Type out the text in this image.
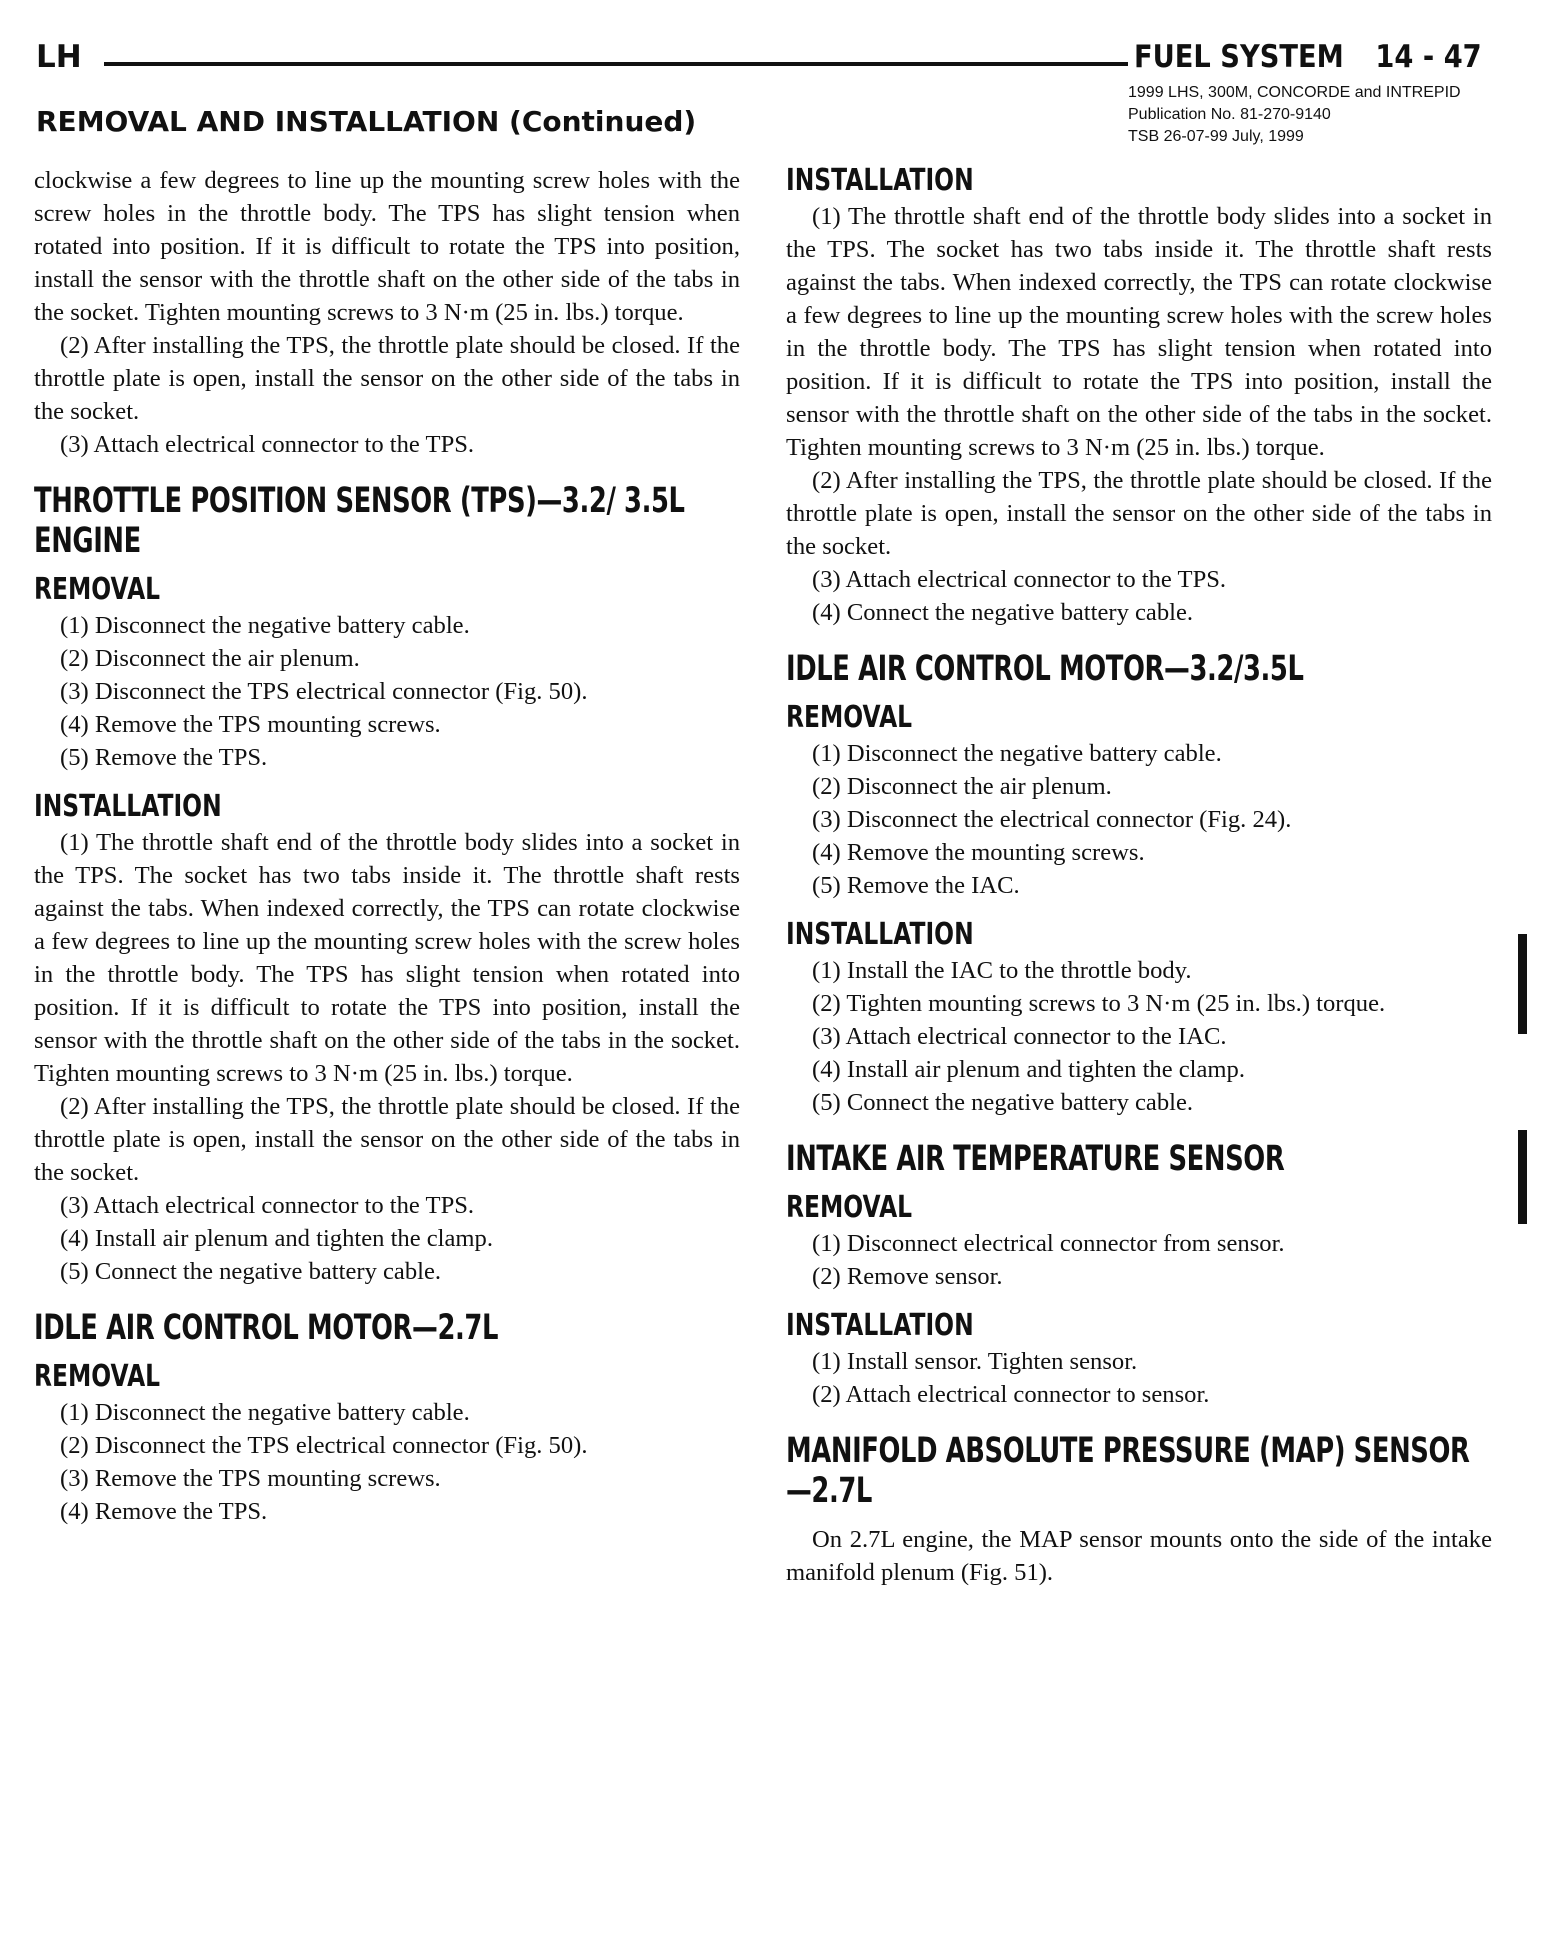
LH	FUEL SYSTEM 14 - 47
1999 LHS, 300M, CONCORDE and INTREPID
Publication No. 81-270-9140
TSB 26-07-99 July, 1999
REMOVAL AND INSTALLATION (Continued)

clockwise a few degrees to line up the mounting screw holes with the screw holes in the throttle body. The TPS has slight tension when rotated into position. If it is difficult to rotate the TPS into position, install the sensor with the throttle shaft on the other side of the tabs in the socket. Tighten mounting screws to 3 N·m (25 in. lbs.) torque.

(2) After installing the TPS, the throttle plate should be closed. If the throttle plate is open, install the sensor on the other side of the tabs in the socket.

(3) Attach electrical connector to the TPS.

THROTTLE POSITION SENSOR (TPS)—3.2/ 3.5L ENGINE
REMOVAL

(1) Disconnect the negative battery cable.

(2) Disconnect the air plenum.

(3) Disconnect the TPS electrical connector (Fig. 50).

(4) Remove the TPS mounting screws.

(5) Remove the TPS.

INSTALLATION

(1) The throttle shaft end of the throttle body slides into a socket in the TPS. The socket has two tabs inside it. The throttle shaft rests against the tabs. When indexed correctly, the TPS can rotate clockwise a few degrees to line up the mounting screw holes with the screw holes in the throttle body. The TPS has slight tension when rotated into position. If it is difficult to rotate the TPS into position, install the sensor with the throttle shaft on the other side of the tabs in the socket. Tighten mounting screws to 3 N·m (25 in. lbs.) torque.

(2) After installing the TPS, the throttle plate should be closed. If the throttle plate is open, install the sensor on the other side of the tabs in the socket.

(3) Attach electrical connector to the TPS.

(4) Install air plenum and tighten the clamp.

(5) Connect the negative battery cable.

IDLE AIR CONTROL MOTOR—2.7L
REMOVAL

(1) Disconnect the negative battery cable.

(2) Disconnect the TPS electrical connector (Fig. 50).

(3) Remove the TPS mounting screws.

(4) Remove the TPS.

INSTALLATION

(1) The throttle shaft end of the throttle body slides into a socket in the TPS. The socket has two tabs inside it. The throttle shaft rests against the tabs. When indexed correctly, the TPS can rotate clockwise a few degrees to line up the mounting screw holes with the screw holes in the throttle body. The TPS has slight tension when rotated into position. If it is difficult to rotate the TPS into position, install the sensor with the throttle shaft on the other side of the tabs in the socket. Tighten mounting screws to 3 N·m (25 in. lbs.) torque.

(2) After installing the TPS, the throttle plate should be closed. If the throttle plate is open, install the sensor on the other side of the tabs in the socket.

(3) Attach electrical connector to the TPS.

(4) Connect the negative battery cable.

IDLE AIR CONTROL MOTOR—3.2/3.5L
REMOVAL

(1) Disconnect the negative battery cable.

(2) Disconnect the air plenum.

(3) Disconnect the electrical connector (Fig. 24).

(4) Remove the mounting screws.

(5) Remove the IAC.

INSTALLATION

(1) Install the IAC to the throttle body.

(2) Tighten mounting screws to 3 N·m (25 in. lbs.) torque.

(3) Attach electrical connector to the IAC.

(4) Install air plenum and tighten the clamp.

(5) Connect the negative battery cable.

INTAKE AIR TEMPERATURE SENSOR
REMOVAL

(1) Disconnect electrical connector from sensor.

(2) Remove sensor.

INSTALLATION

(1) Install sensor. Tighten sensor.

(2) Attach electrical connector to sensor.

MANIFOLD ABSOLUTE PRESSURE (MAP) SENSOR—2.7L

On 2.7L engine, the MAP sensor mounts onto the side of the intake manifold plenum (Fig. 51).
